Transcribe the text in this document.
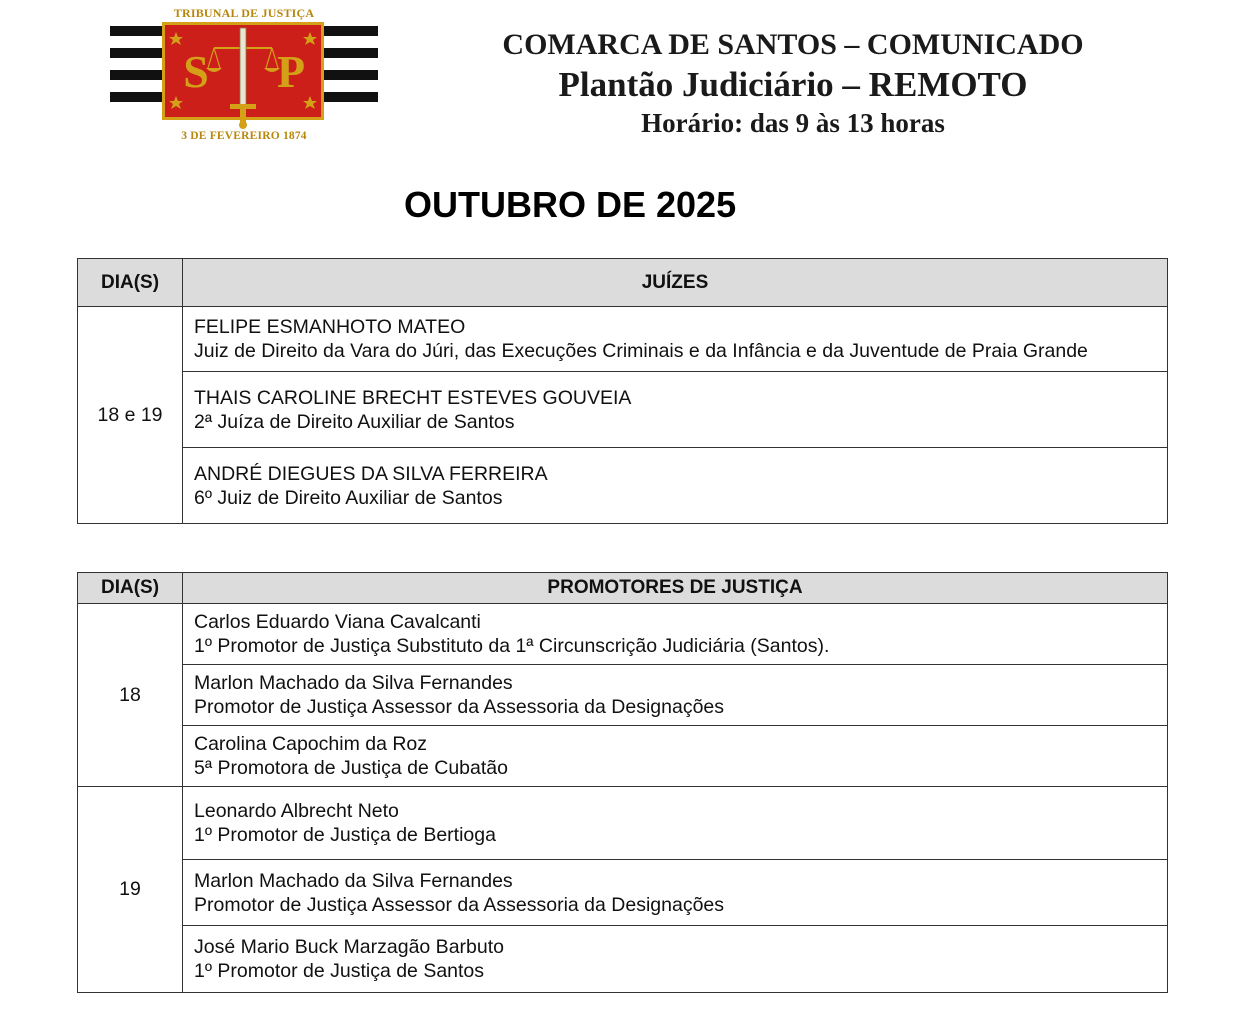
S P
TRIBUNAL DE JUSTIÇA
3 DE FEVEREIRO 1874
COMARCA DE SANTOS – COMUNICADO
Plantão Judiciário – REMOTO
Horário: das 9 às 13 horas
OUTUBRO DE 2025
DIA(S)	JUÍZES
18 e 19	FELIPE ESMANHOTO MATEO
Juiz de Direito da Vara do Júri, das Execuções Criminais e da Infância e da Juventude de Praia Grande

	THAIS CAROLINE BRECHT ESTEVES GOUVEIA
2ª Juíza de Direito Auxiliar de Santos

	ANDRÉ DIEGUES DA SILVA FERREIRA
6º Juiz de Direito Auxiliar de Santos
DIA(S)	PROMOTORES DE JUSTIÇA
18	Carlos Eduardo Viana Cavalcanti
1º Promotor de Justiça Substituto da 1ª Circunscrição Judiciária (Santos).

	Marlon Machado da Silva Fernandes
Promotor de Justiça Assessor da Assessoria da Designações

	Carolina Capochim da Roz
5ª Promotora de Justiça de Cubatão

19	Leonardo Albrecht Neto
1º Promotor de Justiça de Bertioga

	Marlon Machado da Silva Fernandes
Promotor de Justiça Assessor da Assessoria da Designações

	José Mario Buck Marzagão Barbuto
1º Promotor de Justiça de Santos
